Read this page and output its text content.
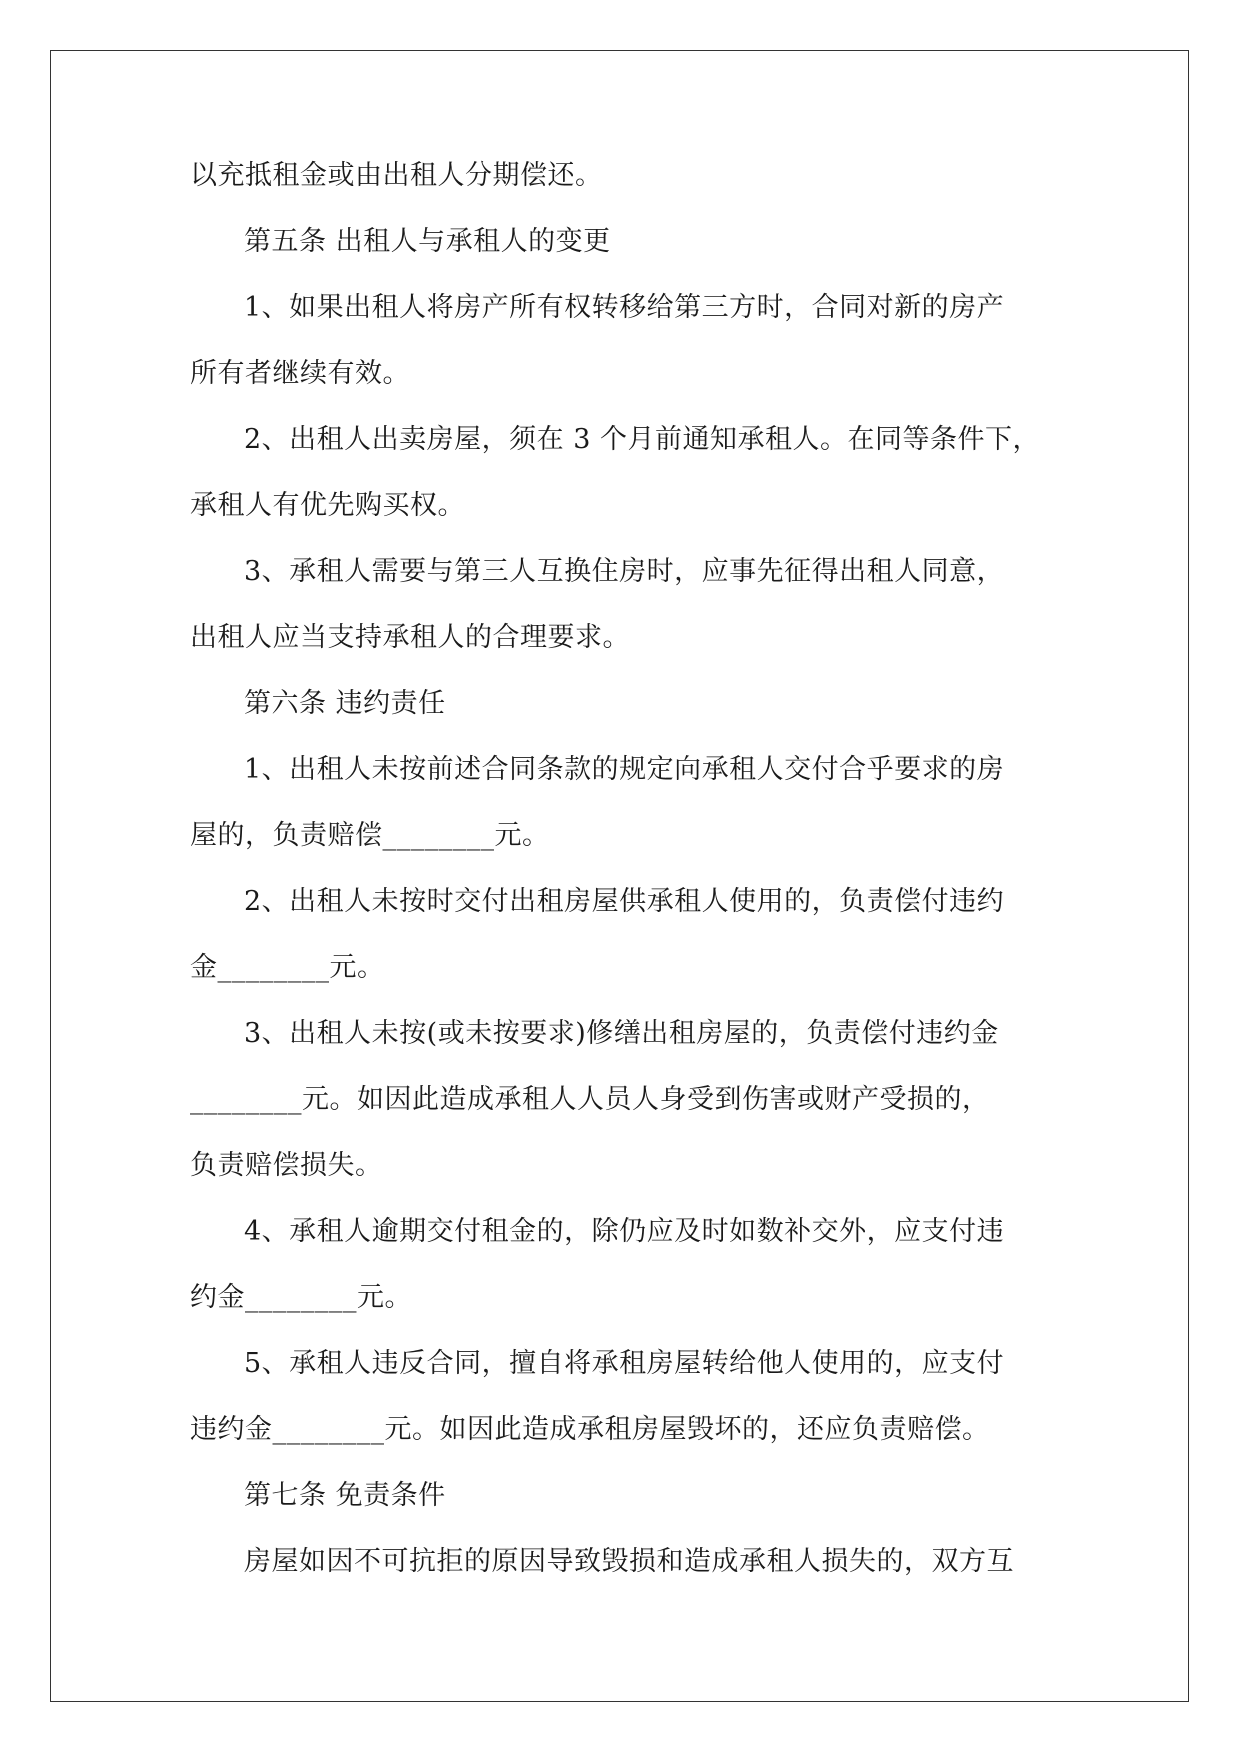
以充抵租金或由出租人分期偿还。
第五条 出租人与承租人的变更
1、如果出租人将房产所有权转移给第三方时，合同对新的房产
所有者继续有效。
2、出租人出卖房屋，须在 3 个月前通知承租人。在同等条件下，
承租人有优先购买权。
3、承租人需要与第三人互换住房时，应事先征得出租人同意，
出租人应当支持承租人的合理要求。
第六条 违约责任
1、出租人未按前述合同条款的规定向承租人交付合乎要求的房
屋的，负责赔偿________元。
2、出租人未按时交付出租房屋供承租人使用的，负责偿付违约
金________元。
3、出租人未按(或未按要求)修缮出租房屋的，负责偿付违约金
________元。如因此造成承租人人员人身受到伤害或财产受损的，
负责赔偿损失。
4、承租人逾期交付租金的，除仍应及时如数补交外，应支付违
约金________元。
5、承租人违反合同，擅自将承租房屋转给他人使用的，应支付
违约金________元。如因此造成承租房屋毁坏的，还应负责赔偿。
第七条 免责条件
房屋如因不可抗拒的原因导致毁损和造成承租人损失的，双方互
